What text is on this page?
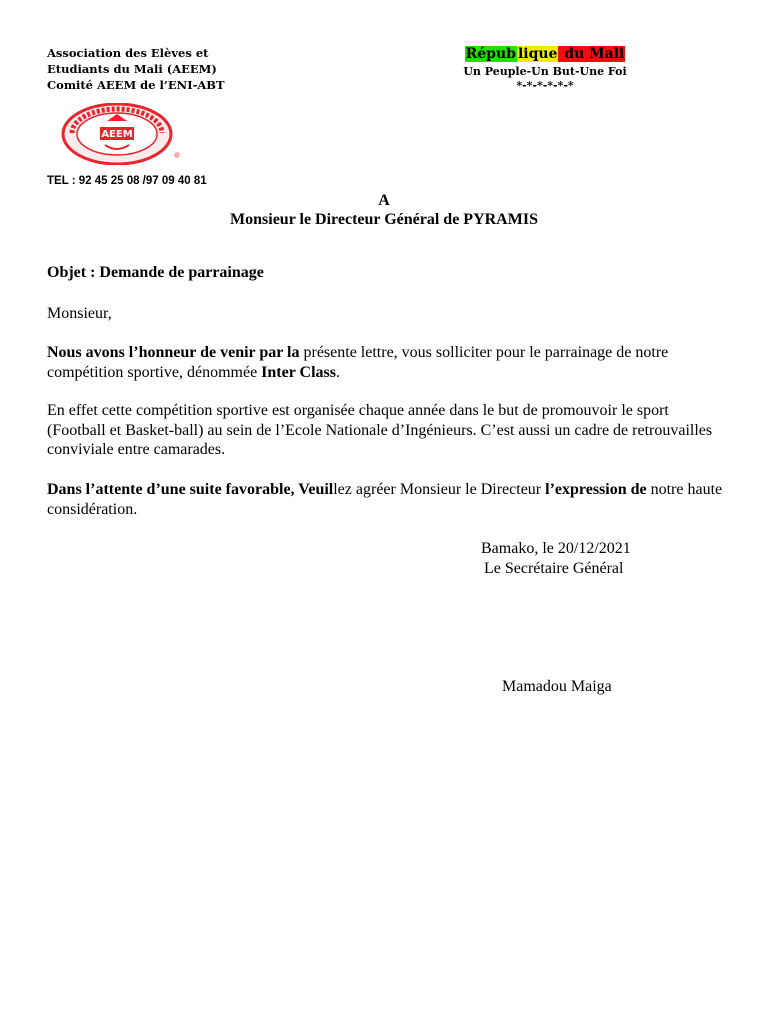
Association des Elèves et
Etudiants du Mali (AEEM)
Comité AEEM de l’ENI-ABT
Répub lique du Mali
Un Peuple-Un But-Une Foi
*-*-*-*-*-*
AEEM
TEL : 92 45 25 08 /97 09 40 81
A
Monsieur le Directeur Général de PYRAMIS
Objet : Demande de parrainage
Monsieur,
Nous avons l’honneur de venir par la présente lettre, vous solliciter pour le parrainage de notre compétition sportive, dénommée Inter Class.
En effet cette compétition sportive est organisée chaque année dans le but de promouvoir le sport (Football et Basket-ball) au sein de l’Ecole Nationale d’Ingénieurs. C’est aussi un cadre de retrouvailles conviviale entre camarades.
Dans l’attente d’une suite favorable, Veuillez agréer Monsieur le Directeur l’expression de notre haute considération.
Bamako, le 20/12/2021
Le Secrétaire Général
Mamadou Maiga
